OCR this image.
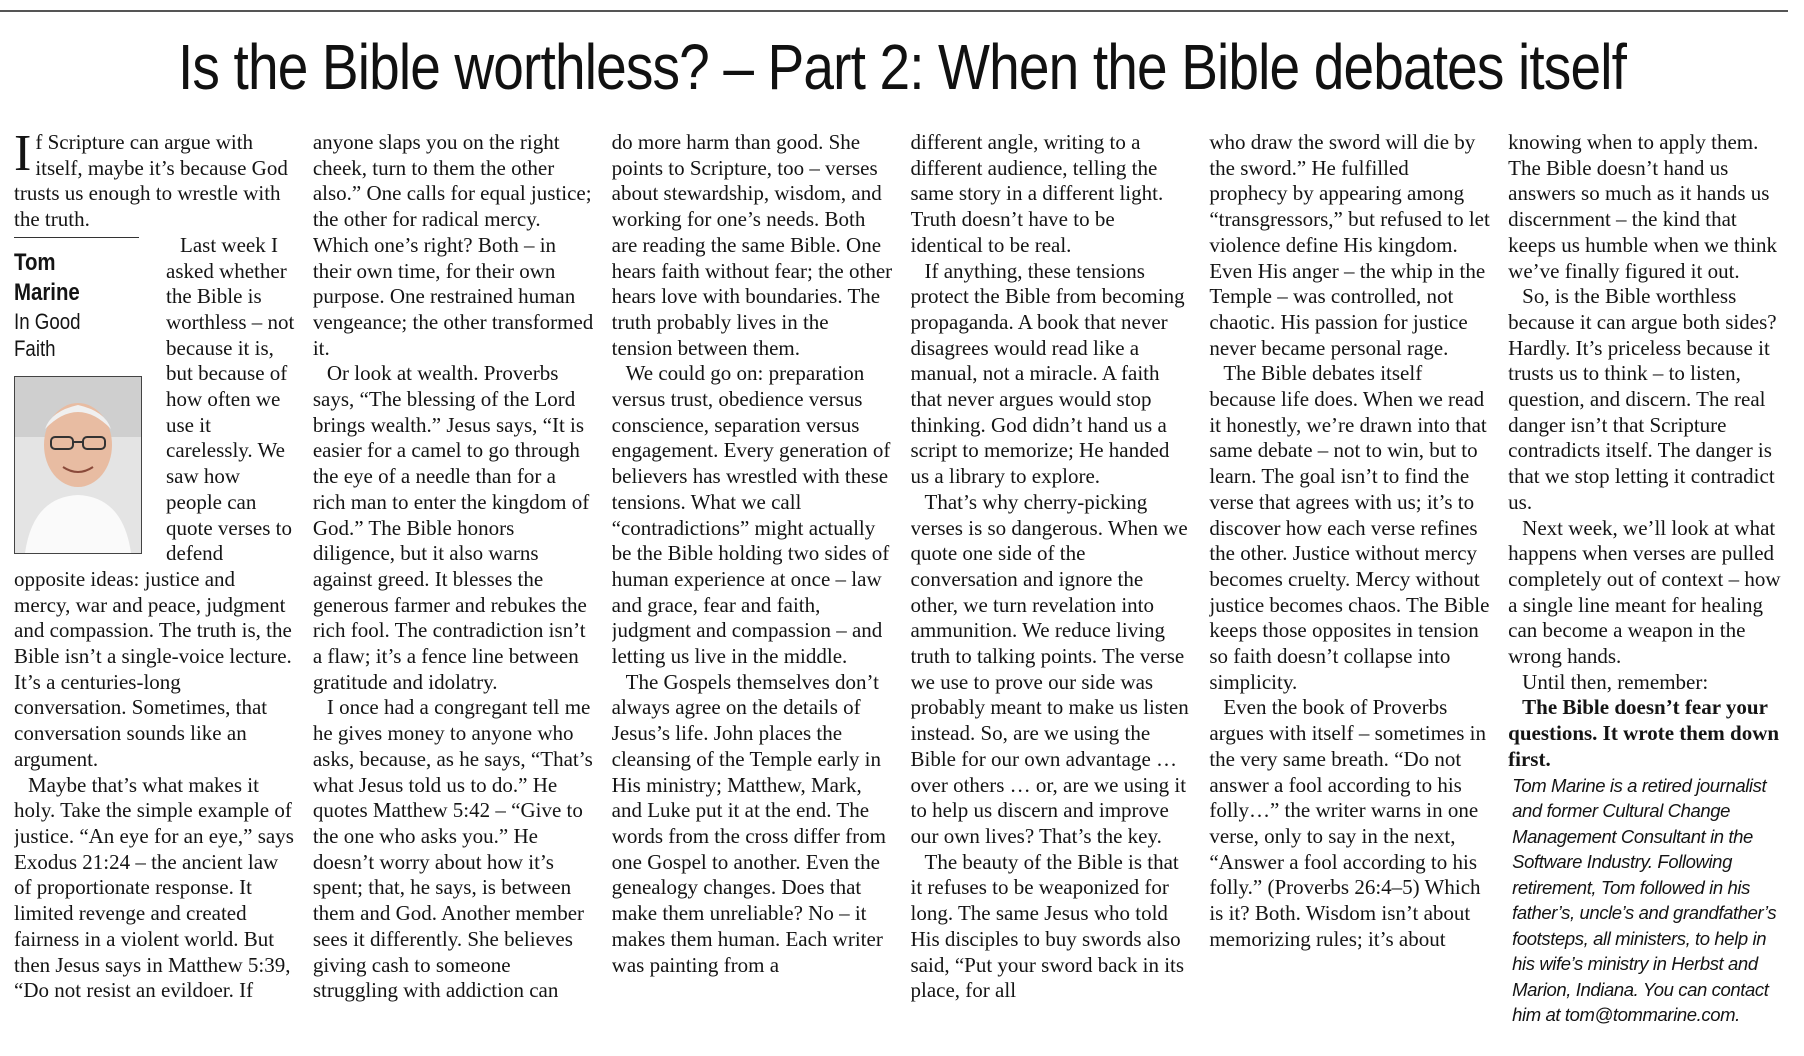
Is the Bible worthless? – Part 2: When the Bible debates itself

If Scripture can argue with itself, maybe it’s because God trusts us enough to wrestle with the truth.

Tom
Marine
In Good
Faith
Last week I asked whether the Bible is worthless – not because it is, but because of how often we use it carelessly. We saw how people can quote verses to defend opposite ideas: justice and mercy, war and peace, judgment and compassion. The truth is, the Bible isn’t a single-voice lecture. It’s a centuries-long conversation. Sometimes, that conversation sounds like an argument.

Maybe that’s what makes it holy. Take the simple example of justice. “An eye for an eye,” says Exodus 21:24 – the ancient law of proportionate response. It limited revenge and created fairness in a violent world. But then Jesus says in Matthew 5:39, “Do not resist an evildoer. If

anyone slaps you on the right cheek, turn to them the other also.” One calls for equal justice; the other for radical mercy. Which one’s right? Both – in their own time, for their own purpose. One restrained human vengeance; the other transformed it.

Or look at wealth. Proverbs says, “The blessing of the Lord brings wealth.” Jesus says, “It is easier for a camel to go through the eye of a needle than for a rich man to enter the kingdom of God.” The Bible honors diligence, but it also warns against greed. It blesses the generous farmer and rebukes the rich fool. The contradiction isn’t a flaw; it’s a fence line between gratitude and idolatry.

I once had a congregant tell me he gives money to anyone who asks, because, as he says, “That’s what Jesus told us to do.” He quotes Matthew 5:42 – “Give to the one who asks you.” He doesn’t worry about how it’s spent; that, he says, is between them and God. Another member sees it differently. She believes giving cash to someone struggling with addiction can

do more harm than good. She points to Scripture, too – verses about stewardship, wisdom, and working for one’s needs. Both are reading the same Bible. One hears faith without fear; the other hears love with boundaries. The truth probably lives in the tension between them.

We could go on: preparation versus trust, obedience versus conscience, separation versus engagement. Every generation of believers has wrestled with these tensions. What we call “contradictions” might actually be the Bible holding two sides of human experience at once – law and grace, fear and faith, judgment and compassion – and letting us live in the middle.

The Gospels themselves don’t always agree on the details of Jesus’s life. John places the cleansing of the Temple early in His ministry; Matthew, Mark, and Luke put it at the end. The words from the cross differ from one Gospel to another. Even the genealogy changes. Does that make them unreliable? No – it makes them human. Each writer was painting from a

different angle, writing to a different audience, telling the same story in a different light. Truth doesn’t have to be identical to be real.

If anything, these tensions protect the Bible from becoming propaganda. A book that never disagrees would read like a manual, not a miracle. A faith that never argues would stop thinking. God didn’t hand us a script to memorize; He handed us a library to explore.

That’s why cherry-picking verses is so dangerous. When we quote one side of the conversation and ignore the other, we turn revelation into ammunition. We reduce living truth to talking points. The verse we use to prove our side was probably meant to make us listen instead. So, are we using the Bible for our own advantage … over others … or, are we using it to help us discern and improve our own lives? That’s the key.

The beauty of the Bible is that it refuses to be weaponized for long. The same Jesus who told His disciples to buy swords also said, “Put your sword back in its place, for all

who draw the sword will die by the sword.” He fulfilled prophecy by appearing among “transgressors,” but refused to let violence define His kingdom. Even His anger – the whip in the Temple – was controlled, not chaotic. His passion for justice never became personal rage.

The Bible debates itself because life does. When we read it honestly, we’re drawn into that same debate – not to win, but to learn. The goal isn’t to find the verse that agrees with us; it’s to discover how each verse refines the other. Justice without mercy becomes cruelty. Mercy without justice becomes chaos. The Bible keeps those opposites in tension so faith doesn’t collapse into simplicity.

Even the book of Proverbs argues with itself – sometimes in the very same breath. “Do not answer a fool according to his folly…” the writer warns in one verse, only to say in the next, “Answer a fool according to his folly.” (Proverbs 26:4–5) Which is it? Both. Wisdom isn’t about memorizing rules; it’s about

knowing when to apply them. The Bible doesn’t hand us answers so much as it hands us discernment – the kind that keeps us humble when we think we’ve finally figured it out.

So, is the Bible worthless because it can argue both sides? Hardly. It’s priceless because it trusts us to think – to listen, question, and discern. The real danger isn’t that Scripture contradicts itself. The danger is that we stop letting it contradict us.

Next week, we’ll look at what happens when verses are pulled completely out of context – how a single line meant for healing can become a weapon in the wrong hands.

Until then, remember:

The Bible doesn’t fear your questions. It wrote them down first.

Tom Marine is a retired journalist and former Cultural Change Management Consultant in the Software Industry. Following retirement, Tom followed in his father’s, uncle’s and grandfather’s footsteps, all ministers, to help in his wife’s ministry in Herbst and Marion, Indiana. You can contact him at tom@tommarine.com.
